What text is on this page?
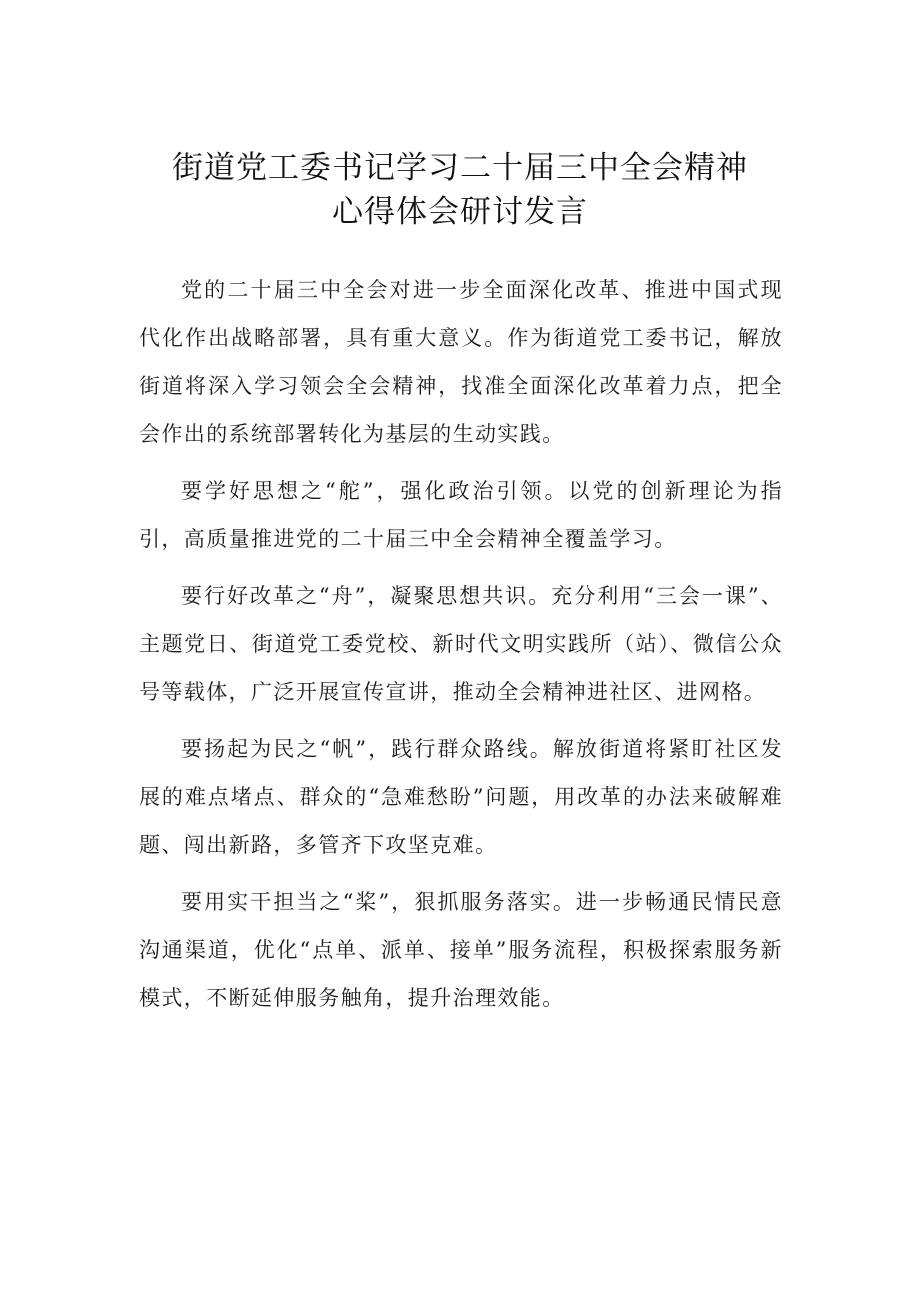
街道党工委书记学习二十届三中全会精神
心得体会研讨发言

党的二十届三中全会对进一步全面深化改革、推进中国式现代化作出战略部署，具有重大意义。作为街道党工委书记，解放街道将深入学习领会全会精神，找准全面深化改革着力点，把全会作出的系统部署转化为基层的生动实践。

要学好思想之“舵”，强化政治引领。以党的创新理论为指引，高质量推进党的二十届三中全会精神全覆盖学习。

要行好改革之“舟”，凝聚思想共识。充分利用“三会一课”、主题党日、街道党工委党校、新时代文明实践所（站）、微信公众号等载体，广泛开展宣传宣讲，推动全会精神进社区、进网格。

要扬起为民之“帆”，践行群众路线。解放街道将紧盯社区发展的难点堵点、群众的“急难愁盼”问题，用改革的办法来破解难题、闯出新路，多管齐下攻坚克难。

要用实干担当之“桨”，狠抓服务落实。进一步畅通民情民意沟通渠道，优化“点单、派单、接单”服务流程，积极探索服务新模式，不断延伸服务触角，提升治理效能。
